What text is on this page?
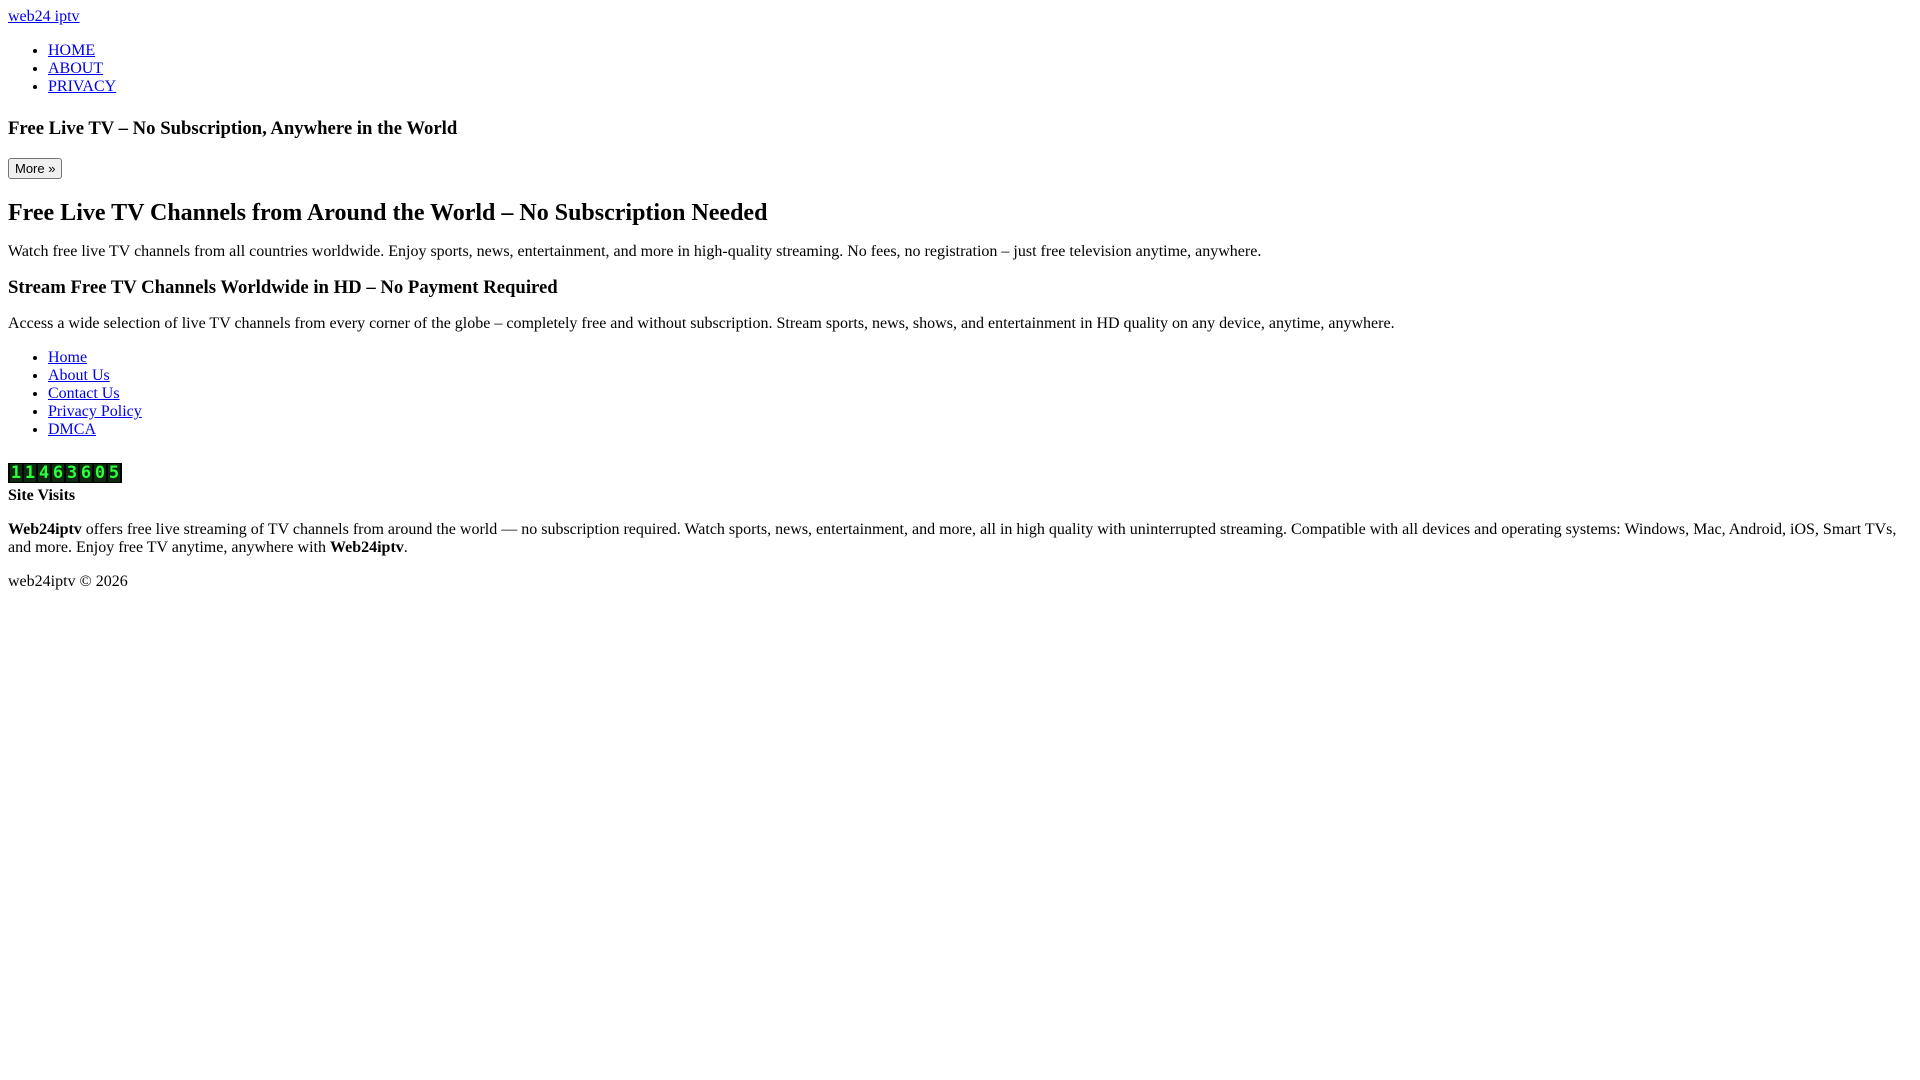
web24 iptv
• HOME
• ABOUT
• PRIVACY
Free Live TV – No Subscription, Anywhere in the World
More »
Free Live TV Channels from Around the World – No Subscription Needed

Watch free live TV channels from all countries worldwide. Enjoy sports, news, entertainment, and more in high-quality streaming. No fees, no registration – just free television anytime, anywhere.

Stream Free TV Channels Worldwide in HD – No Payment Required

Access a wide selection of live TV channels from every corner of the globe – completely free and without subscription. Stream sports, news, shows, and entertainment in HD quality on any device, anytime, anywhere.

• Home
• About Us
• Contact Us
• Privacy Policy
• DMCA
1 1 4 6 3 6 0 5
Site Visits

Web24iptv offers free live streaming of TV channels from around the world — no subscription required. Watch sports, news, entertainment, and more, all in high quality with uninterrupted streaming. Compatible with all devices and operating systems: Windows, Mac, Android, iOS, Smart TVs, and more. Enjoy free TV anytime, anywhere with Web24iptv.

web24iptv © 2026
